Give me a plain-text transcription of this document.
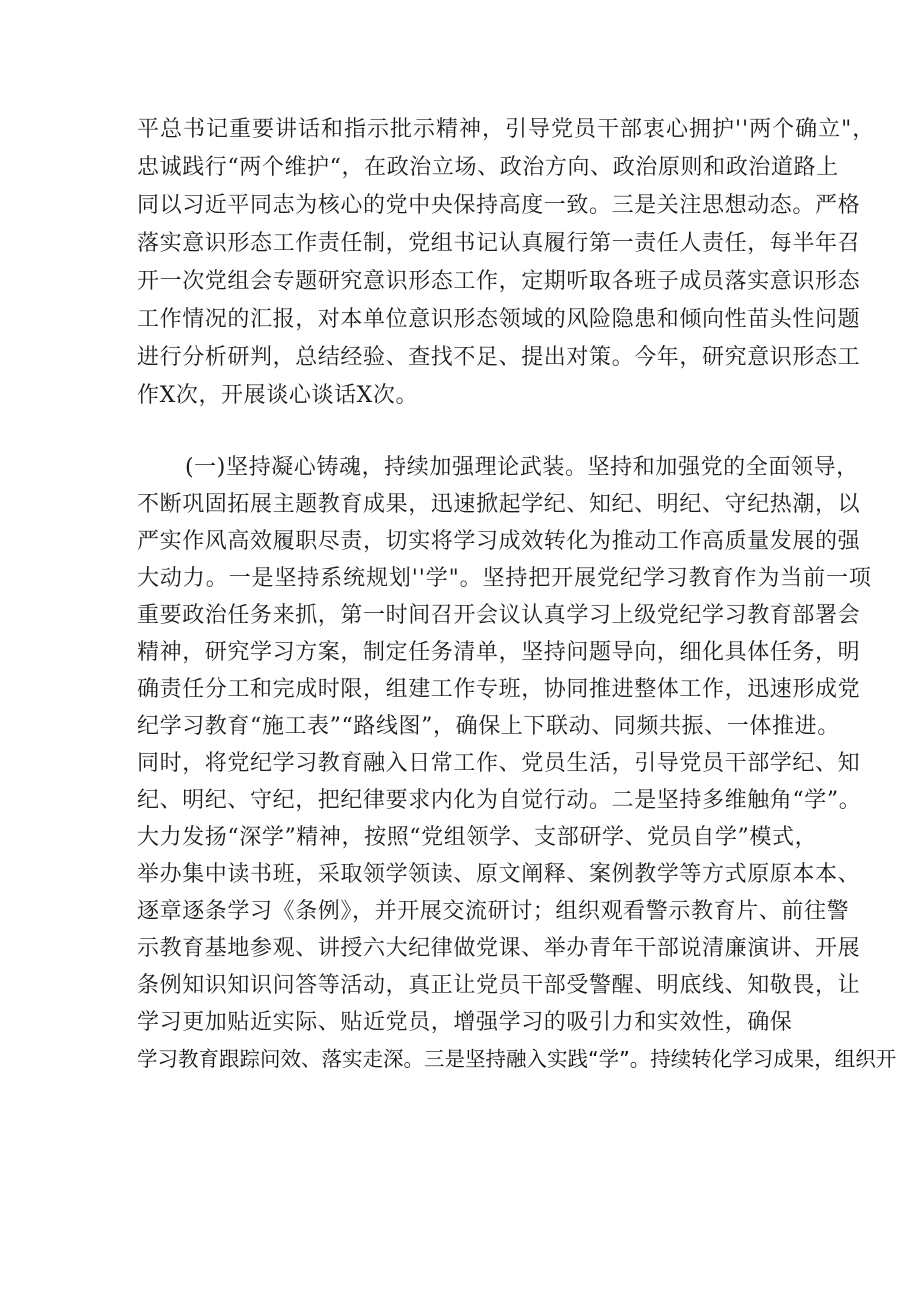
平总书记重要讲话和指示批示精神，引导党员干部衷心拥护''两个确立"，
忠诚践行“两个维护“，在政治立场、政治方向、政治原则和政治道路上
同以习近平同志为核心的党中央保持高度一致。三是关注思想动态。严格
落实意识形态工作责任制，党组书记认真履行第一责任人责任，每半年召
开一次党组会专题研究意识形态工作，定期听取各班子成员落实意识形态
工作情况的汇报，对本单位意识形态领域的风险隐患和倾向性苗头性问题
进行分析研判，总结经验、查找不足、提出对策。今年，研究意识形态工
作X次，开展谈心谈话X次。
(一)坚持凝心铸魂，持续加强理论武装。坚持和加强党的全面领导，
不断巩固拓展主题教育成果，迅速掀起学纪、知纪、明纪、守纪热潮，以
严实作风高效履职尽责，切实将学习成效转化为推动工作高质量发展的强
大动力。一是坚持系统规划''学"。坚持把开展党纪学习教育作为当前一项
重要政治任务来抓，第一时间召开会议认真学习上级党纪学习教育部署会
精神，研究学习方案，制定任务清单，坚持问题导向，细化具体任务，明
确责任分工和完成时限，组建工作专班，协同推进整体工作，迅速形成党
纪学习教育“施工表”“路线图”，确保上下联动、同频共振、一体推进。
同时，将党纪学习教育融入日常工作、党员生活，引导党员干部学纪、知
纪、明纪、守纪，把纪律要求内化为自觉行动。二是坚持多维触角“学”。
大力发扬“深学”精神，按照“党组领学、支部研学、党员自学”模式，
举办集中读书班，采取领学领读、原文阐释、案例教学等方式原原本本、
逐章逐条学习《条例》，并开展交流研讨；组织观看警示教育片、前往警
示教育基地参观、讲授六大纪律做党课、举办青年干部说清廉演讲、开展
条例知识知识问答等活动，真正让党员干部受警醒、明底线、知敬畏，让
学习更加贴近实际、贴近党员，增强学习的吸引力和实效性，确保
学习教育跟踪问效、落实走深。三是坚持融入实践“学”。持续转化学习成果，组织开
